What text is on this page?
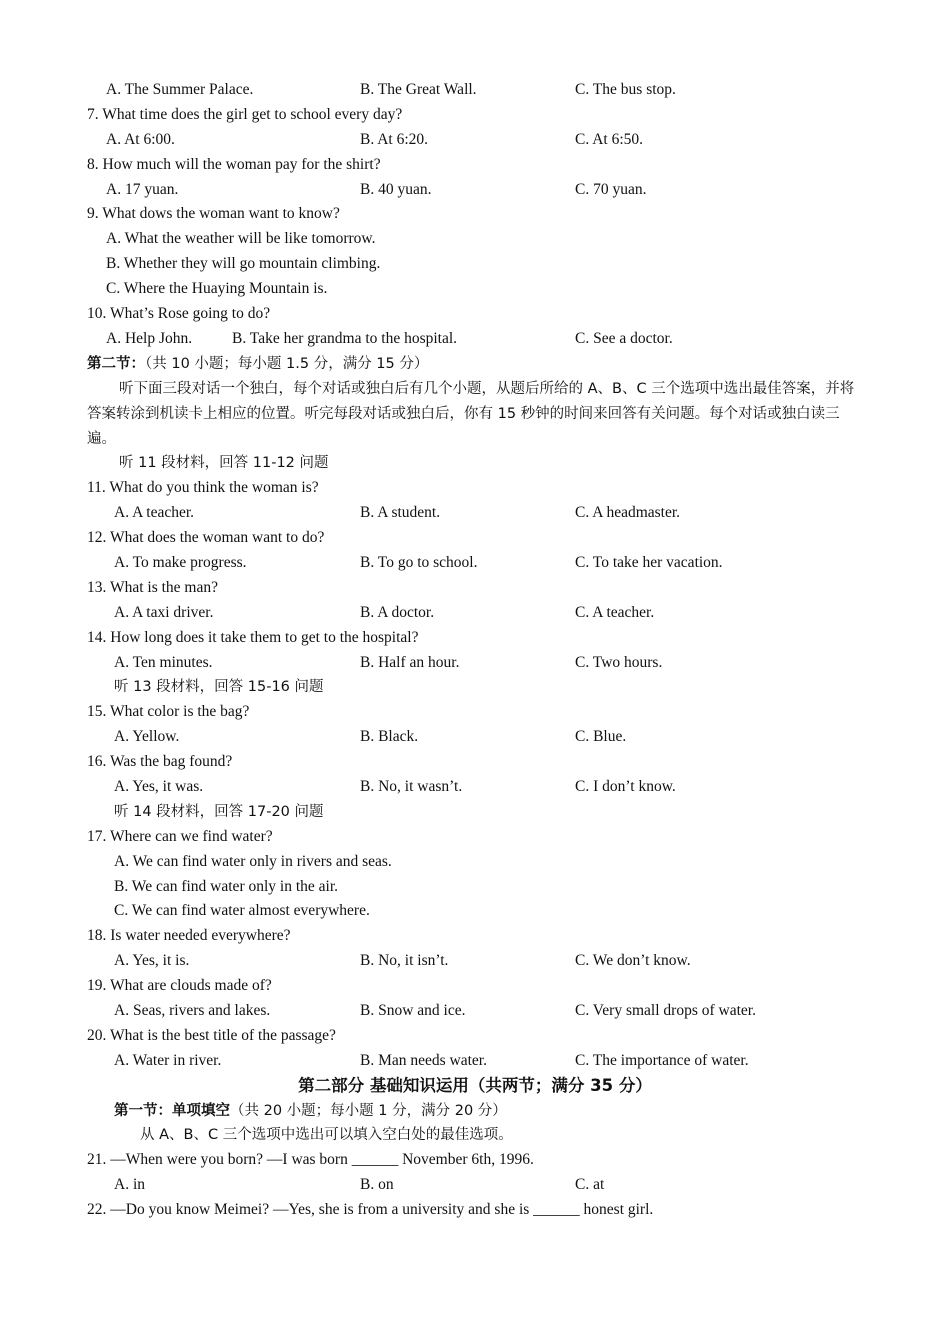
A. The Summer Palace.	B. The Great Wall.	C. The bus stop.
7. What time does the girl get to school every day?
A. At 6:00.	B. At 6:20.	C. At 6:50.
8. How much will the woman pay for the shirt?
A. 17 yuan.	B. 40 yuan.	C. 70 yuan.
9. What dows the woman want to know?
A. What the weather will be like tomorrow.
B. Whether they will go mountain climbing.
C. Where the Huaying Mountain is.
10. What’s Rose going to do?
A. Help John.	B. Take her grandma to the hospital.	C. See a doctor.
第二节：（共 10 小题；每小题 1.5 分，满分 15 分）
听下面三段对话一个独白，每个对话或独白后有几个小题，从题后所给的 A、B、C 三个选项中选出最佳答案，并将答案转涂到机读卡上相应的位置。听完每段对话或独白后，你有 15 秒钟的时间来回答有关问题。每个对话或独白读三遍。
听 11 段材料，回答 11-12 问题
11. What do you think the woman is?
A. A teacher.	B. A student.	C. A headmaster.
12. What does the woman want to do?
A. To make progress.	B. To go to school.	C. To take her vacation.
13. What is the man?
A. A taxi driver.	B. A doctor.	C. A teacher.
14. How long does it take them to get to the hospital?
A. Ten minutes.	B. Half an hour.	C. Two hours.
听 13 段材料，回答 15-16 问题
15. What color is the bag?
A. Yellow.	B. Black.	C. Blue.
16. Was the bag found?
A. Yes, it was.	B. No, it wasn’t.	C. I don’t know.
听 14 段材料，回答 17-20 问题
17. Where can we find water?
A. We can find water only in rivers and seas.
B. We can find water only in the air.
C. We can find water almost everywhere.
18. Is water needed everywhere?
A. Yes, it is.	B. No, it isn’t.	C. We don’t know.
19. What are clouds made of?
A. Seas, rivers and lakes.	B. Snow and ice.	C. Very small drops of water.
20. What is the best title of the passage?
A. Water in river.	B. Man needs water.	C. The importance of water.
第二部分 基础知识运用（共两节；满分 35 分）
第一节：单项填空（共 20 小题；每小题 1 分，满分 20 分）
从 A、B、C 三个选项中选出可以填入空白处的最佳选项。
21. —When were you born? —I was born ______ November 6th, 1996.
A. in	B. on	C. at
22. —Do you know Meimei? —Yes, she is from a university and she is ______ honest girl.
